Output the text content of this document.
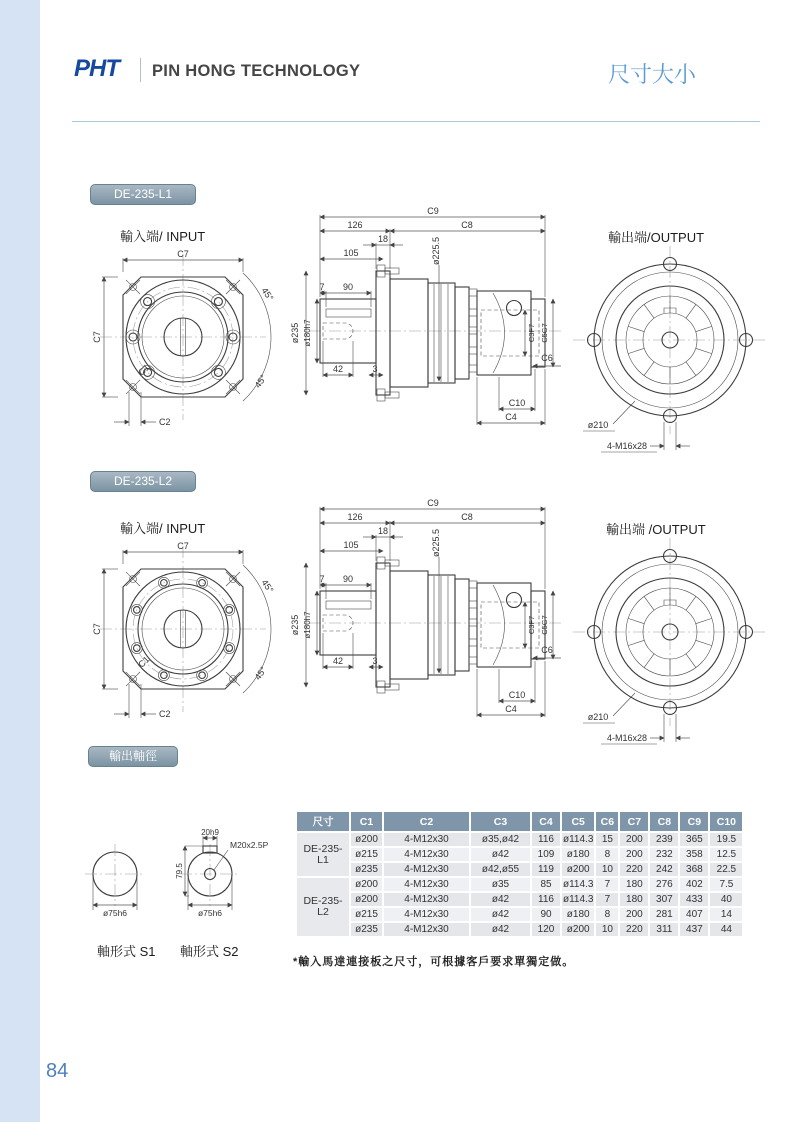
PHT PIN HONG TECHNOLOGY	尺寸大小
DE-235-L1
輸入端/ INPUT	輸出端/OUTPUT
C7
C7
C2
C1
45°
45°
C9
126	C8
18
105	ø225.5
ø235 ø180h7
7 90
42	3
C3F7 C5G7
C6
C10
C4
ø210
4-M16x28
DE-235-L2
輸入端/ INPUT	輸出端 /OUTPUT
C7
C7
C2
C1
45°
45°
C9
126	C8
18
105	ø225.5
ø235 ø180h7
7 90
42	3
C3F7 C5G7
C6
C10
C4
ø210
4-M16x28
輸出軸徑
ø75h6
20h9
79.5
M20x2.5P
ø75h6
軸形式 S1 軸形式 S2
尺寸	C1	C2	C3	C4	C5	C6	C7	C8	C9	C10
DE-235-L1	ø200	4-M12x30	ø35,ø42	116	ø114.3	15	200	239	365	19.5
	ø215	4-M12x30	ø42	109	ø180	8	200	232	358	12.5
	ø235	4-M12x30	ø42,ø55	119	ø200	10	220	242	368	22.5
DE-235-L2	ø200	4-M12x30	ø35	85	ø114.3	7	180	276	402	7.5
	ø200	4-M12x30	ø42	116	ø114.3	7	180	307	433	40
	ø215	4-M12x30	ø42	90	ø180	8	200	281	407	14
	ø235	4-M12x30	ø42	120	ø200	10	220	311	437	44
*輸入馬達連接板之尺寸，可根據客戶要求單獨定做。
84
